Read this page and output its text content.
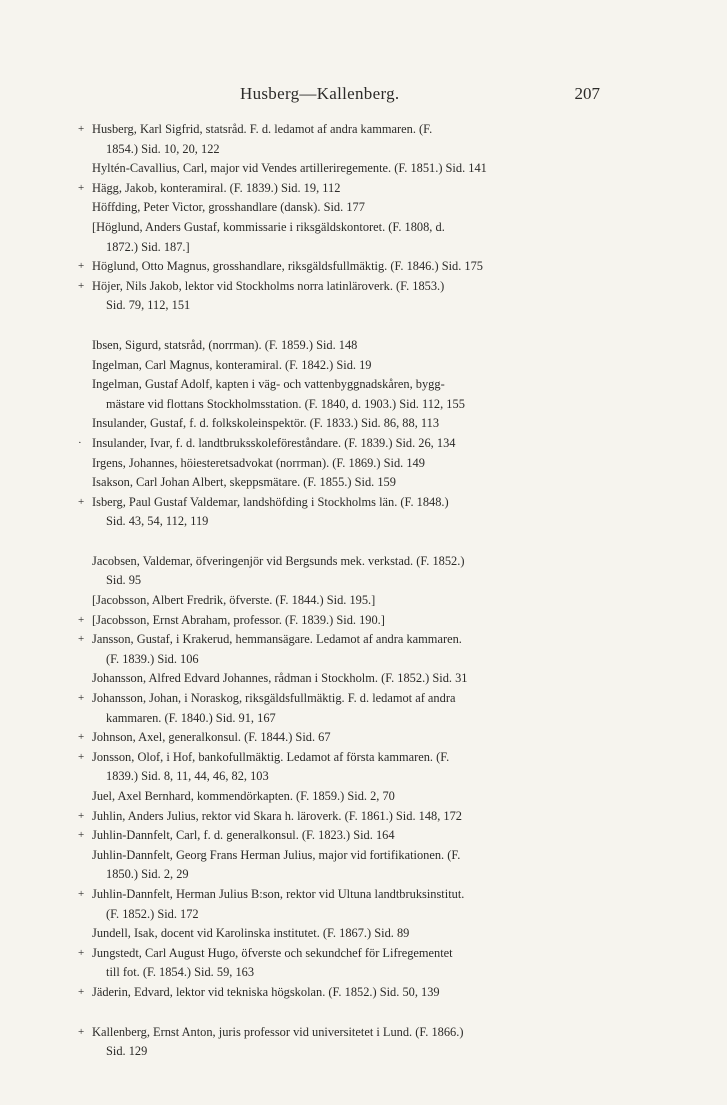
Husberg—Kallenberg.	207
+ Husberg, Karl Sigfrid, statsråd. F. d. ledamot af andra kammaren. (F.
1854.) Sid. 10, 20, 122
Hyltén-Cavallius, Carl, major vid Vendes artilleriregemente. (F. 1851.) Sid. 141
+ Hägg, Jakob, konteramiral. (F. 1839.) Sid. 19, 112
Höffding, Peter Victor, grosshandlare (dansk). Sid. 177
[Höglund, Anders Gustaf, kommissarie i riksgäldskontoret. (F. 1808, d.
1872.) Sid. 187.]
+ Höglund, Otto Magnus, grosshandlare, riksgäldsfullmäktig. (F. 1846.) Sid. 175
+ Höjer, Nils Jakob, lektor vid Stockholms norra latinläroverk. (F. 1853.)
Sid. 79, 112, 151
Ibsen, Sigurd, statsråd, (norrman). (F. 1859.) Sid. 148
Ingelman, Carl Magnus, konteramiral. (F. 1842.) Sid. 19
Ingelman, Gustaf Adolf, kapten i väg- och vattenbyggnadskåren, bygg-
mästare vid flottans Stockholmsstation. (F. 1840, d. 1903.) Sid. 112, 155
Insulander, Gustaf, f. d. folkskoleinspektör. (F. 1833.) Sid. 86, 88, 113
· Insulander, Ivar, f. d. landtbruksskoleföreståndare. (F. 1839.) Sid. 26, 134
Irgens, Johannes, höiesteretsadvokat (norrman). (F. 1869.) Sid. 149
Isakson, Carl Johan Albert, skeppsmätare. (F. 1855.) Sid. 159
+ Isberg, Paul Gustaf Valdemar, landshöfding i Stockholms län. (F. 1848.)
Sid. 43, 54, 112, 119
Jacobsen, Valdemar, öfveringenjör vid Bergsunds mek. verkstad. (F. 1852.)
Sid. 95
[Jacobsson, Albert Fredrik, öfverste. (F. 1844.) Sid. 195.]
+ [Jacobsson, Ernst Abraham, professor. (F. 1839.) Sid. 190.]
+ Jansson, Gustaf, i Krakerud, hemmansägare. Ledamot af andra kammaren.
(F. 1839.) Sid. 106
Johansson, Alfred Edvard Johannes, rådman i Stockholm. (F. 1852.) Sid. 31
+ Johansson, Johan, i Noraskog, riksgäldsfullmäktig. F. d. ledamot af andra
kammaren. (F. 1840.) Sid. 91, 167
+ Johnson, Axel, generalkonsul. (F. 1844.) Sid. 67
+ Jonsson, Olof, i Hof, bankofullmäktig. Ledamot af första kammaren. (F.
1839.) Sid. 8, 11, 44, 46, 82, 103
Juel, Axel Bernhard, kommendörkapten. (F. 1859.) Sid. 2, 70
+ Juhlin, Anders Julius, rektor vid Skara h. läroverk. (F. 1861.) Sid. 148, 172
+ Juhlin-Dannfelt, Carl, f. d. generalkonsul. (F. 1823.) Sid. 164
Juhlin-Dannfelt, Georg Frans Herman Julius, major vid fortifikationen. (F.
1850.) Sid. 2, 29
+ Juhlin-Dannfelt, Herman Julius B:son, rektor vid Ultuna landtbruksinstitut.
(F. 1852.) Sid. 172
Jundell, Isak, docent vid Karolinska institutet. (F. 1867.) Sid. 89
+ Jungstedt, Carl August Hugo, öfverste och sekundchef för Lifregementet
till fot. (F. 1854.) Sid. 59, 163
+ Jäderin, Edvard, lektor vid tekniska högskolan. (F. 1852.) Sid. 50, 139
+ Kallenberg, Ernst Anton, juris professor vid universitetet i Lund. (F. 1866.)
Sid. 129
